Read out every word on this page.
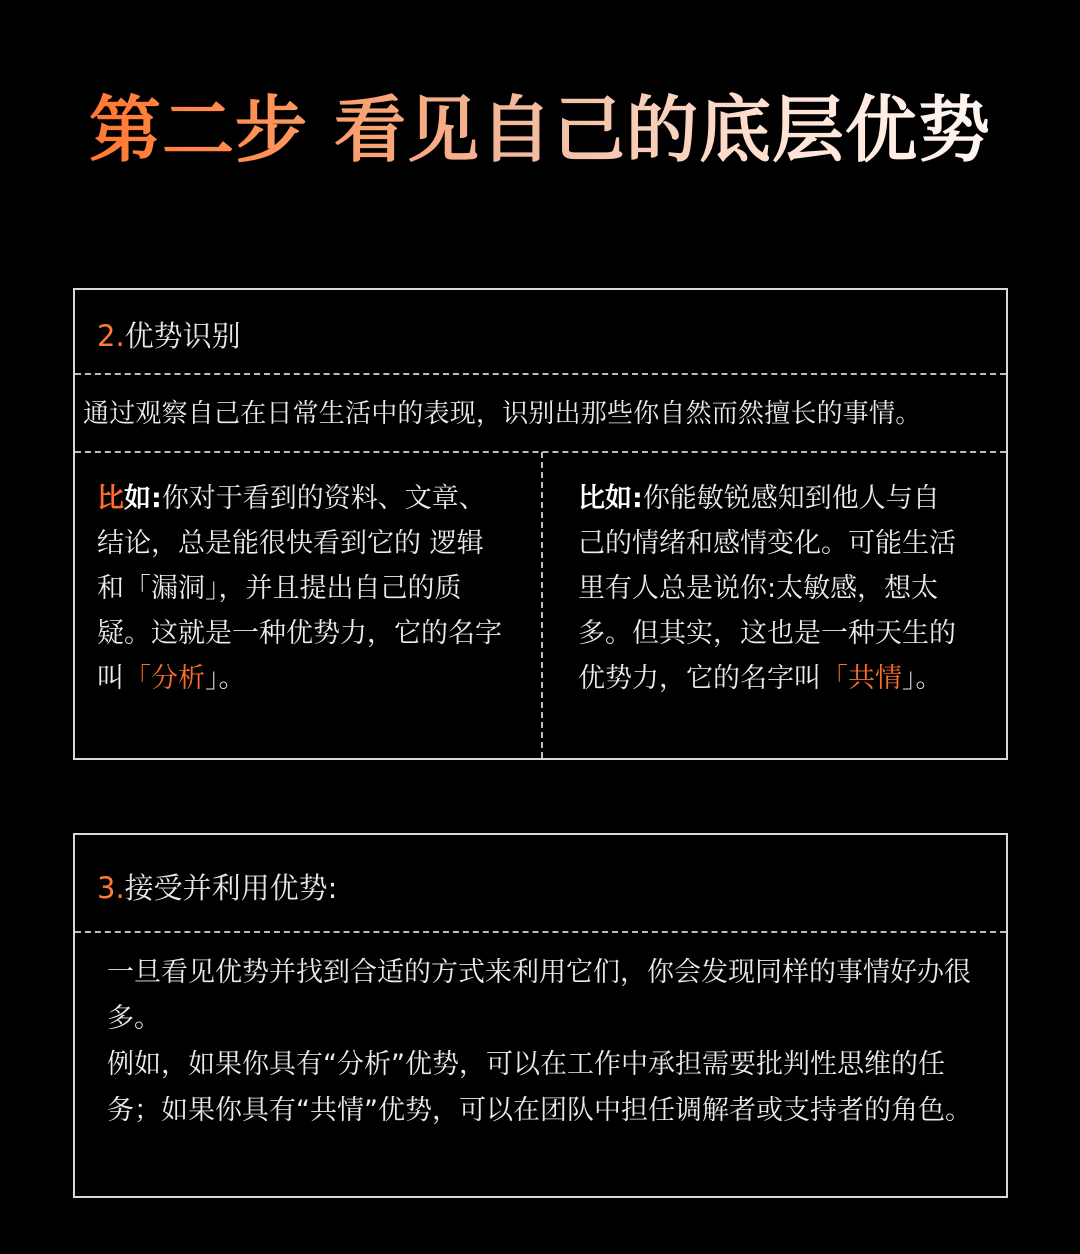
第二步 看见自己的底层优势
2.优势识别
通过观察自己在日常生活中的表现，识别出那些你自然而然擅长的事情。
比如:你对于看到的资料、文章、结论，总是能很快看到它的 逻辑 和「漏洞」，并且提出自己的质疑。这就是一种优势力，它的名字叫「分析」。
比如:你能敏锐感知到他人与自己的情绪和感情变化。可能生活里有人总是说你:太敏感，想太多。但其实，这也是一种天生的优势力，它的名字叫「共情」。
3.接受并利用优势:
一旦看见优势并找到合适的方式来利用它们，你会发现同样的事情好办很多。
例如，如果你具有“分析”优势，可以在工作中承担需要批判性思维的任务；如果你具有“共情”优势，可以在团队中担任调解者或支持者的角色。
